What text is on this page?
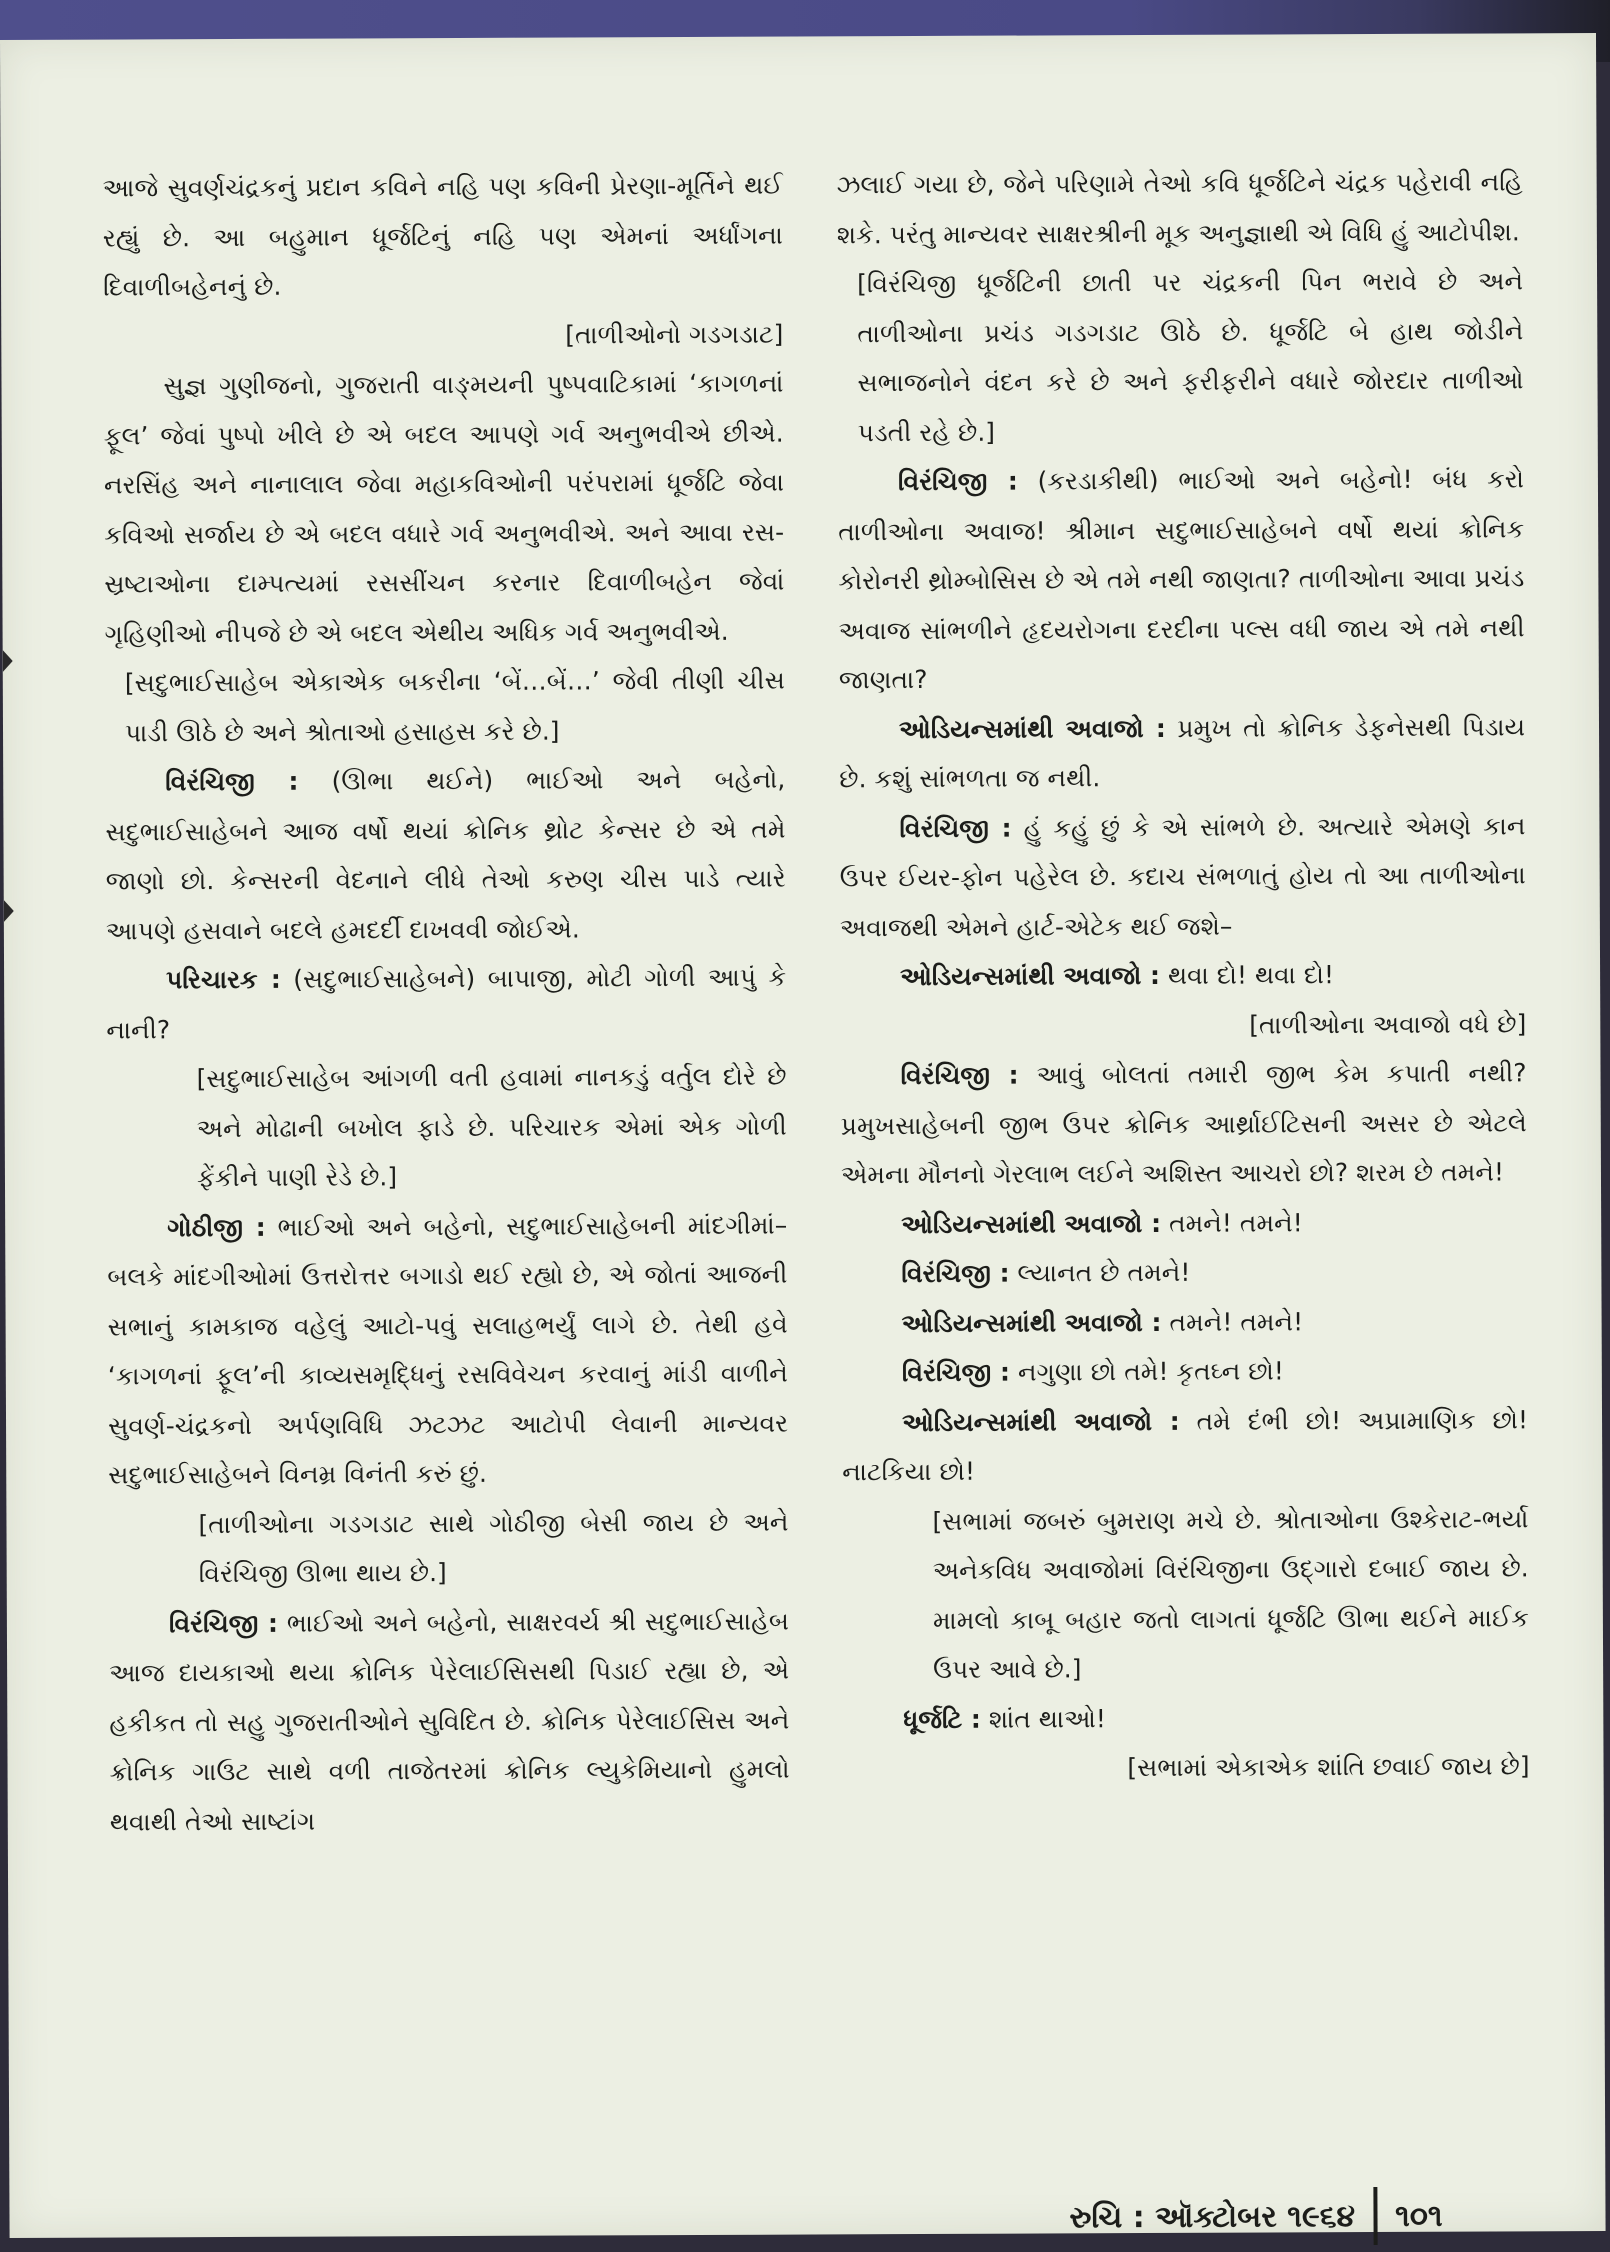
આજે સુવર્ણચંદ્રકનું પ્રદાન કવિને નહિ પણ કવિની પ્રેરણા-મૂર્તિને થઈ રહ્યું છે. આ બહુમાન ધૂર્જટિનું નહિ પણ એમનાં અર્ધાંગના દિવાળીબહેનનું છે.

[તાળીઓનો ગડગડાટ]

સુજ્ઞ ગુણીજનો, ગુજરાતી વાઙ્‌મયની પુષ્પવાટિકામાં ‘કાગળનાં ફૂલ’ જેવાં પુષ્પો ખીલે છે એ બદલ આપણે ગર્વ અનુભવીએ છીએ. નરસિંહ અને નાનાલાલ જેવા મહાકવિઓની પરંપરામાં ધૂર્જટિ જેવા કવિઓ સર્જાય છે એ બદલ વધારે ગર્વ અનુભવીએ. અને આવા રસ-સ્રષ્ટાઓના દામ્પત્યમાં રસસીંચન કરનાર દિવાળીબહેન જેવાં ગૃહિણીઓ નીપજે છે એ બદલ એથીય અધિક ગર્વ અનુભવીએ.

[સદુભાઈસાહેબ એકાએક બકરીના ‘બેં…બેં…’ જેવી તીણી ચીસ પાડી ઊઠે છે અને શ્રોતાઓ હસાહસ કરે છે.]

વિરંચિજી : (ઊભા થઈને) ભાઈઓ અને બહેનો, સદુભાઈસાહેબને આજ વર્ષો થયાં ક્રોનિક થ્રોટ કેન્સર છે એ તમે જાણો છો. કેન્સરની વેદનાને લીધે તેઓ કરુણ ચીસ પાડે ત્યારે આપણે હસવાને બદલે હમદર્દી દાખવવી જોઈએ.

પરિચારક : (સદુભાઈસાહેબને) બાપાજી, મોટી ગોળી આપું કે નાની?

[સદુભાઈસાહેબ આંગળી વતી હવામાં નાનકડું વર્તુલ દોરે છે અને મોઢાની બખોલ ફાડે છે. પરિચારક એમાં એક ગોળી ફેંકીને પાણી રેડે છે.]

ગોઠીજી : ભાઈઓ અને બહેનો, સદુભાઈસાહેબની માંદગીમાં–બલકે માંદગીઓમાં ઉત્તરોત્તર બગાડો થઈ રહ્યો છે, એ જોતાં આજની સભાનું કામકાજ વહેલું આટો-પવું સલાહભર્યું લાગે છે. તેથી હવે ‘કાગળનાં ફૂલ’ની કાવ્યસમૃદ્ધિનું રસવિવેચન કરવાનું માંડી વાળીને સુવર્ણ-ચંદ્રકનો અર્પણવિધિ ઝટઝટ આટોપી લેવાની માન્યવર સદુભાઈસાહેબને વિનમ્ર વિનંતી કરું છું.

[તાળીઓના ગડગડાટ સાથે ગોઠીજી બેસી જાય છે અને વિરંચિજી ઊભા થાય છે.]

વિરંચિજી : ભાઈઓ અને બહેનો, સાક્ષરવર્ય શ્રી સદુભાઈસાહેબ આજ દાયકાઓ થયા ક્રોનિક પેરેલાઈસિસથી પિડાઈ રહ્યા છે, એ હકીકત તો સહુ ગુજરાતીઓને સુવિદિત છે. ક્રોનિક પેરેલાઈસિસ અને ક્રોનિક ગાઉટ સાથે વળી તાજેતરમાં ક્રોનિક લ્યુકેમિયાનો હુમલો થવાથી તેઓ સાષ્ટાંગ

ઝલાઈ ગયા છે, જેને પરિણામે તેઓ કવિ ધૂર્જટિને ચંદ્રક પહેરાવી નહિ શકે. પરંતુ માન્યવર સાક્ષરશ્રીની મૂક અનુજ્ઞાથી એ વિધિ હું આટોપીશ.

[વિરંચિજી ધૂર્જટિની છાતી પર ચંદ્રકની પિન ભરાવે છે અને તાળીઓના પ્રચંડ ગડગડાટ ઊઠે છે. ધૂર્જટિ બે હાથ જોડીને સભાજનોને વંદન કરે છે અને ફરીફરીને વધારે જોરદાર તાળીઓ પડતી રહે છે.]

વિરંચિજી : (કરડાકીથી) ભાઈઓ અને બહેનો! બંધ કરો તાળીઓના અવાજ! શ્રીમાન સદુભાઈસાહેબને વર્ષો થયાં ક્રોનિક કોરોનરી થ્રોમ્બોસિસ છે એ તમે નથી જાણતા? તાળીઓના આવા પ્રચંડ અવાજ સાંભળીને હૃદયરોગના દરદીના પલ્સ વધી જાય એ તમે નથી જાણતા?

ઓડિયન્સમાંથી અવાજો : પ્રમુખ તો ક્રોનિક ડેફનેસથી પિડાય છે. કશું સાંભળતા જ નથી.

વિરંચિજી : હું કહું છું કે એ સાંભળે છે. અત્યારે એમણે કાન ઉપર ઈયર-ફોન પહેરેલ છે. કદાચ સંભળાતું હોય તો આ તાળીઓના અવાજથી એમને હાર્ટ-એટેક થઈ જશે–

ઓડિયન્સમાંથી અવાજો : થવા દો! થવા દો!

[તાળીઓના અવાજો વધે છે]

વિરંચિજી : આવું બોલતાં તમારી જીભ કેમ કપાતી નથી? પ્રમુખસાહેબની જીભ ઉપર ક્રોનિક આર્થ્રાઈટિસની અસર છે એટલે એમના મૌનનો ગેરલાભ લઈને અશિસ્ત આચરો છો? શરમ છે તમને!

ઓડિયન્સમાંથી અવાજો : તમને! તમને!

વિરંચિજી : લ્યાનત છે તમને!

ઓડિયન્સમાંથી અવાજો : તમને! તમને!

વિરંચિજી : નગુણા છો તમે! કૃતઘ્ન છો!

ઓડિયન્સમાંથી અવાજો : તમે દંભી છો! અપ્રામાણિક છો! નાટકિયા છો!

[સભામાં જબરું બુમરાણ મચે છે. શ્રોતાઓના ઉશ્કેરાટ-ભર્યા અનેકવિધ અવાજોમાં વિરંચિજીના ઉદ્ગારો દબાઈ જાય છે. મામલો કાબૂ બહાર જતો લાગતાં ધૂર્જટિ ઊભા થઈને માઈક ઉપર આવે છે.]

ધૂર્જટિ : શાંત થાઓ!

[સભામાં એકાએક શાંતિ છવાઈ જાય છે]

રુચિ : ઑક્ટોબર ૧૯૬૪ ૧૦૧
